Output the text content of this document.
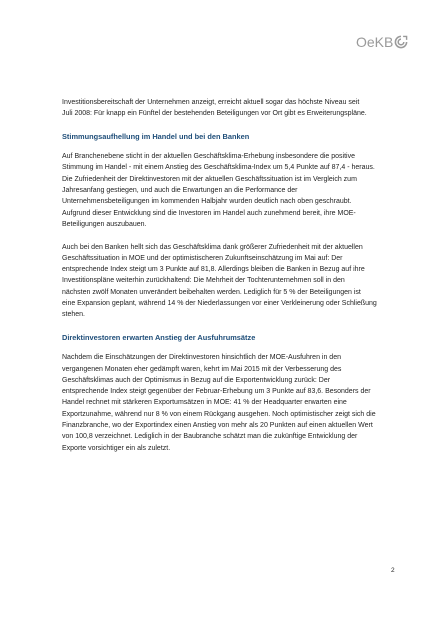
OeKB
Investitionsbereitschaft der Unternehmen anzeigt, erreicht aktuell sogar das höchste Niveau seit
Juli 2008: Für knapp ein Fünftel der bestehenden Beteiligungen vor Ort gibt es Erweiterungspläne.
Stimmungsaufhellung im Handel und bei den Banken
Auf Branchenebene sticht in der aktuellen Geschäftsklima-Erhebung insbesondere die positive
Stimmung im Handel - mit einem Anstieg des Geschäftsklima-Index um 5,4 Punkte auf 87,4 - heraus.
Die Zufriedenheit der Direktinvestoren mit der aktuellen Geschäftssituation ist im Vergleich zum
Jahresanfang gestiegen, und auch die Erwartungen an die Performance der
Unternehmensbeteiligungen im kommenden Halbjahr wurden deutlich nach oben geschraubt.
Aufgrund dieser Entwicklung sind die Investoren im Handel auch zunehmend bereit, ihre MOE-
Beteiligungen auszubauen.
Auch bei den Banken hellt sich das Geschäftsklima dank größerer Zufriedenheit mit der aktuellen
Geschäftssituation in MOE und der optimistischeren Zukunftseinschätzung im Mai auf: Der
entsprechende Index steigt um 3 Punkte auf 81,8. Allerdings bleiben die Banken in Bezug auf ihre
Investitionspläne weiterhin zurückhaltend: Die Mehrheit der Tochterunternehmen soll in den
nächsten zwölf Monaten unverändert beibehalten werden. Lediglich für 5 % der Beteiligungen ist
eine Expansion geplant, während 14 % der Niederlassungen vor einer Verkleinerung oder Schließung
stehen.
Direktinvestoren erwarten Anstieg der Ausfuhrumsätze
Nachdem die Einschätzungen der Direktinvestoren hinsichtlich der MOE-Ausfuhren in den
vergangenen Monaten eher gedämpft waren, kehrt im Mai 2015 mit der Verbesserung des
Geschäftsklimas auch der Optimismus in Bezug auf die Exportentwicklung zurück: Der
entsprechende Index steigt gegenüber der Februar-Erhebung um 3 Punkte auf 83,6. Besonders der
Handel rechnet mit stärkeren Exportumsätzen in MOE: 41 % der Headquarter erwarten eine
Exportzunahme, während nur 8 % von einem Rückgang ausgehen. Noch optimistischer zeigt sich die
Finanzbranche, wo der Exportindex einen Anstieg von mehr als 20 Punkten auf einen aktuellen Wert
von 100,8 verzeichnet. Lediglich in der Baubranche schätzt man die zukünftige Entwicklung der
Exporte vorsichtiger ein als zuletzt.
2
